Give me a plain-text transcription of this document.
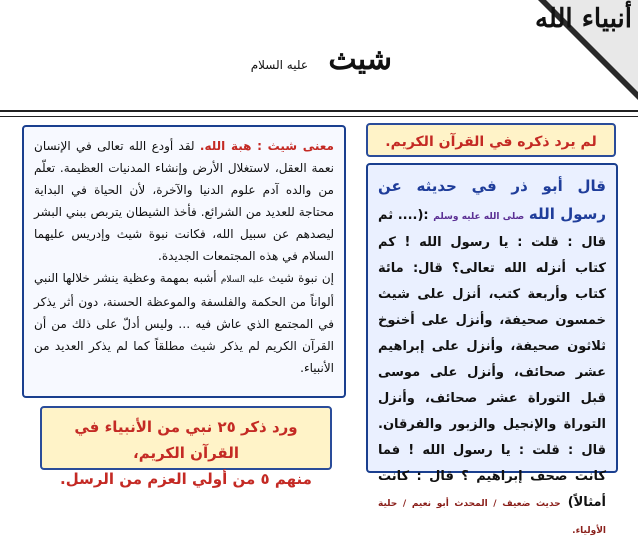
أنبياء الله
شيث
عليه السلام
معنى شيث : هبة الله. لقد أودع الله تعالى في الإنسان نعمة العقل، لاستغلال الأرض وإنشاء المدنيات العظيمة. تعلّم من والده آدم علوم الدنيا والآخرة، لأن الحياة في البداية محتاجة للعديد من الشرائع. فأخذ الشيطان يتربص ببني البشر ليصدهم عن سبيل الله، فكانت نبوة شيث وإدريس عليهما السلام في هذه المجتمعات الجديدة.
إن نبوة شيث عليه السلام أشبه بمهمة وعظية ينشر خلالها النبي ألواناً من الحكمة والفلسفة والموعظة الحسنة، دون أثر يذكر في المجتمع الذي عاش فيه … وليس أدلّ على ذلك من أن القرآن الكريم لم يذكر شيث مطلقاً كما لم يذكر العديد من الأنبياء.
ورد ذكر ٢٥ نبي من الأنبياء في القرآن الكريم،
منهم ٥ من أولي العزم من الرسل.
لم يرد ذكره في القرآن الكريم.
قال أبو ذر في حديثه عن رسول الله صلى الله عليه وسلم :(.... ثم قال : قلت : يا رسول الله ! كم كتاب أنزله الله تعالى؟ قال: مائة كتاب وأربعة كتب، أنزل على شيث خمسون صحيفة، وأنزل على أخنوخ ثلاثون صحيفة، وأنزل على إبراهيم عشر صحائف، وأنزل على موسى قبل التوراة عشر صحائف، وأنزل التوراة والإنجيل والزبور والفرقان. قال : قلت : يا رسول الله ! فما كانت صحف إبراهيم ؟ قال : كانت أمثالاً) حديث ضعيف / المحدث أبو نعيم / حلية الأولياء.
